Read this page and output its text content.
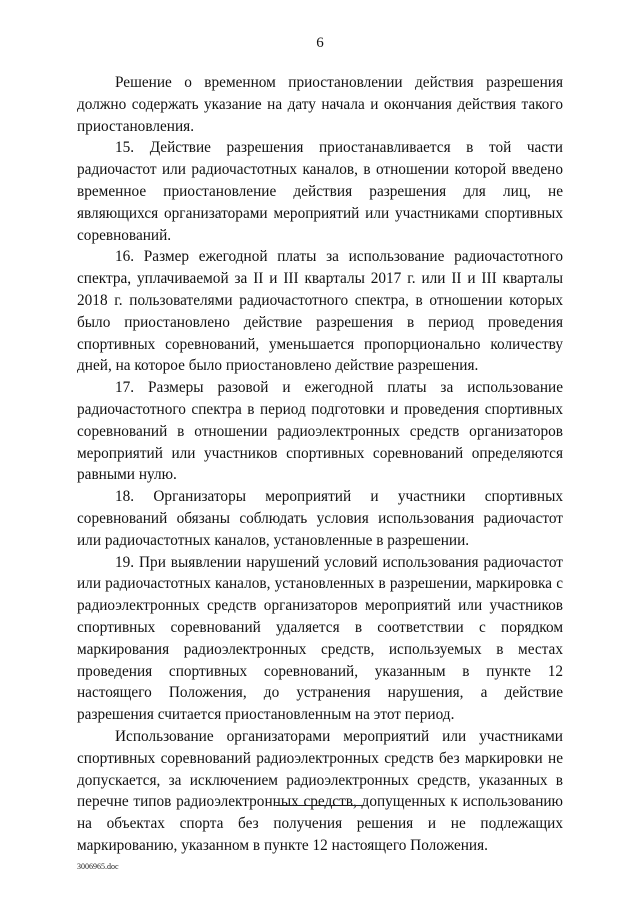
6

Решение о временном приостановлении действия разрешения должно содержать указание на дату начала и окончания действия такого приостановления.

15. Действие разрешения приостанавливается в той части радиочастот или радиочастотных каналов, в отношении которой введено временное приостановление действия разрешения для лиц, не являющихся организаторами мероприятий или участниками спортивных соревнований.

16. Размер ежегодной платы за использование радиочастотного спектра, уплачиваемой за II и III кварталы 2017 г. или II и III кварталы 2018 г. пользователями радиочастотного спектра, в отношении которых было приостановлено действие разрешения в период проведения спортивных соревнований, уменьшается пропорционально количеству дней, на которое было приостановлено действие разрешения.

17. Размеры разовой и ежегодной платы за использование радиочастотного спектра в период подготовки и проведения спортивных соревнований в отношении радиоэлектронных средств организаторов мероприятий или участников спортивных соревнований определяются равными нулю.

18. Организаторы мероприятий и участники спортивных соревнований обязаны соблюдать условия использования радиочастот или радиочастотных каналов, установленные в разрешении.

19. При выявлении нарушений условий использования радиочастот или радиочастотных каналов, установленных в разрешении, маркировка с радиоэлектронных средств организаторов мероприятий или участников спортивных соревнований удаляется в соответствии с порядком маркирования радиоэлектронных средств, используемых в местах проведения спортивных соревнований, указанным в пункте 12 настоящего Положения, до устранения нарушения, а действие разрешения считается приостановленным на этот период.

Использование организаторами мероприятий или участниками спортивных соревнований радиоэлектронных средств без маркировки не допускается, за исключением радиоэлектронных средств, указанных в перечне типов радиоэлектронных средств, допущенных к использованию на объектах спорта без получения решения и не подлежащих маркированию, указанном в пункте 12 настоящего Положения.

3006965.doc
